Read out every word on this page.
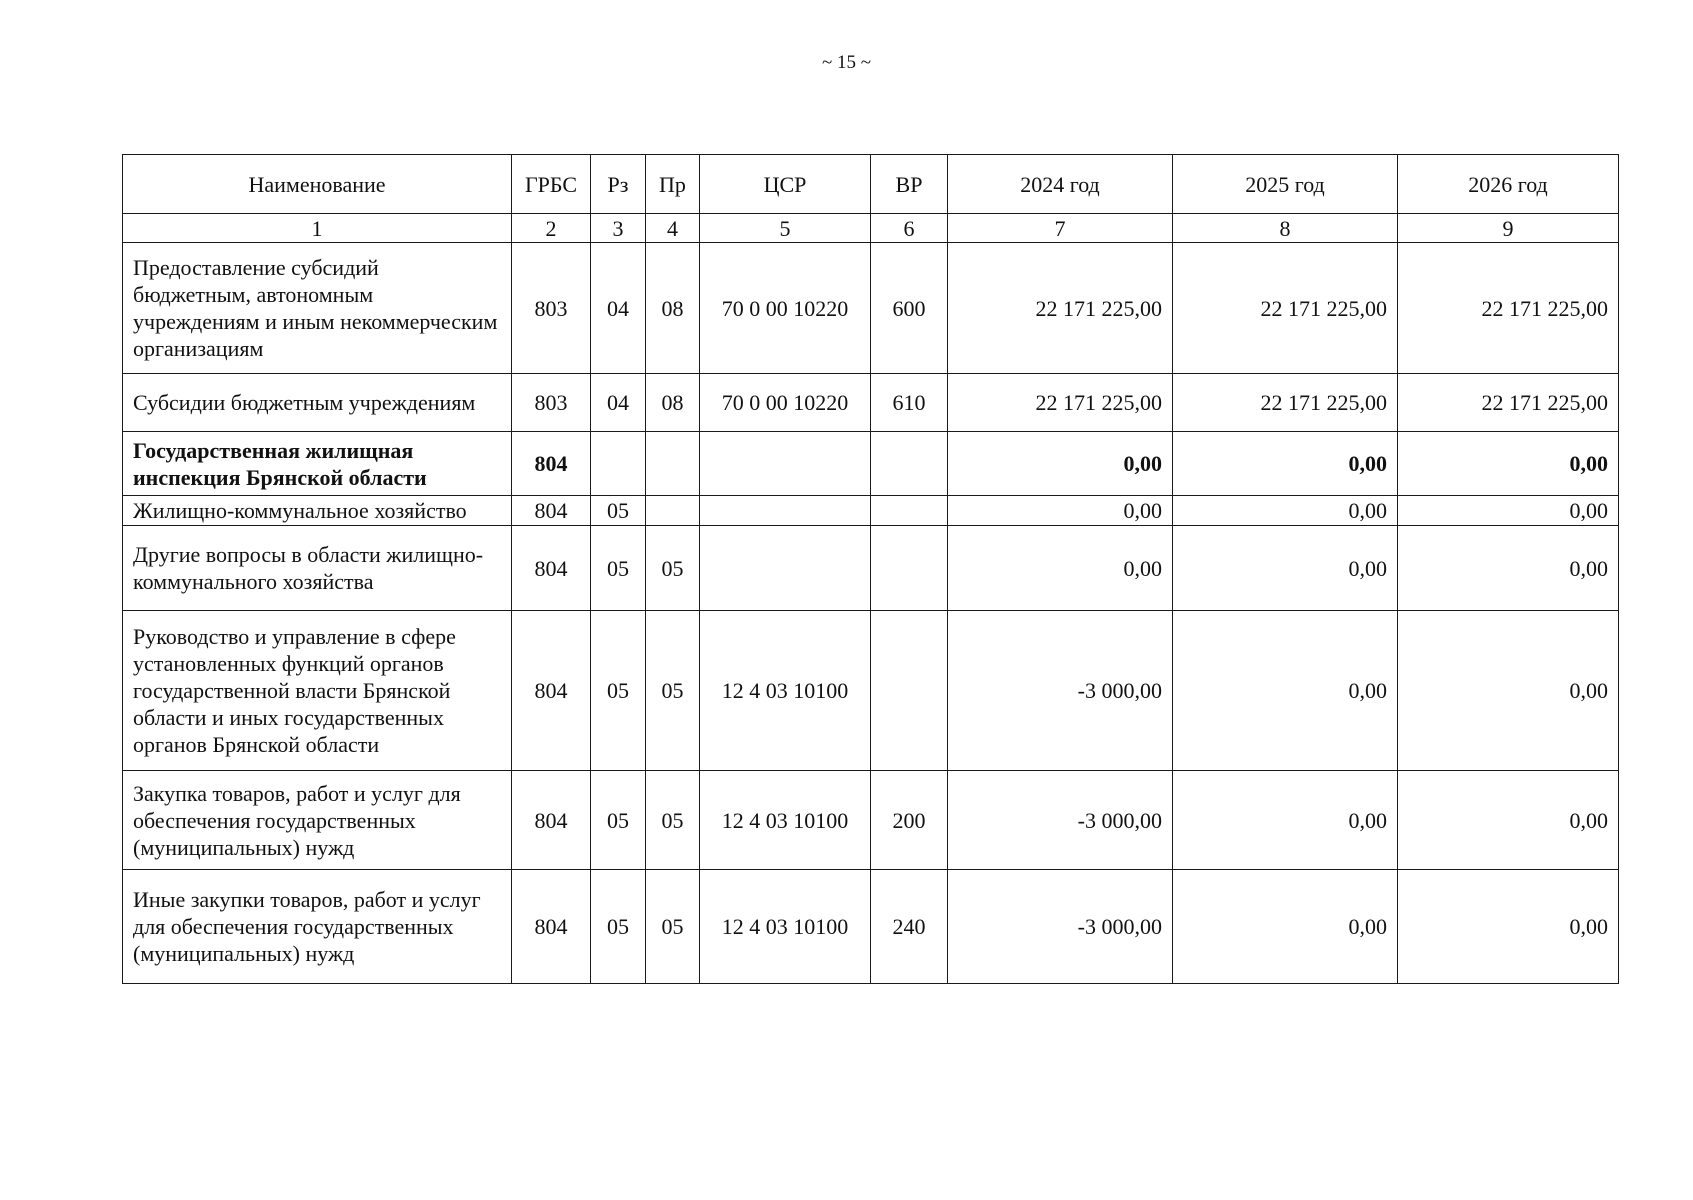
~ 15 ~
Наименование	ГРБС	Рз	Пр	ЦСР	ВР	2024 год	2025 год	2026 год
1	2	3	4	5	6	7	8	9
Предоставление субсидий бюджетным, автономным учреждениям и иным некоммерческим организациям	803	04	08	70 0 00 10220	600	22 171 225,00	22 171 225,00	22 171 225,00
Субсидии бюджетным учреждениям	803	04	08	70 0 00 10220	610	22 171 225,00	22 171 225,00	22 171 225,00
Государственная жилищная инспекция Брянской области	804					0,00	0,00	0,00
Жилищно-коммунальное хозяйство	804	05				0,00	0,00	0,00
Другие вопросы в области жилищно-коммунального хозяйства	804	05	05			0,00	0,00	0,00
Руководство и управление в сфере установленных функций органов государственной власти Брянской области и иных государственных органов Брянской области	804	05	05	12 4 03 10100		-3 000,00	0,00	0,00
Закупка товаров, работ и услуг для обеспечения государственных (муниципальных) нужд	804	05	05	12 4 03 10100	200	-3 000,00	0,00	0,00
Иные закупки товаров, работ и услуг для обеспечения государственных (муниципальных) нужд	804	05	05	12 4 03 10100	240	-3 000,00	0,00	0,00
